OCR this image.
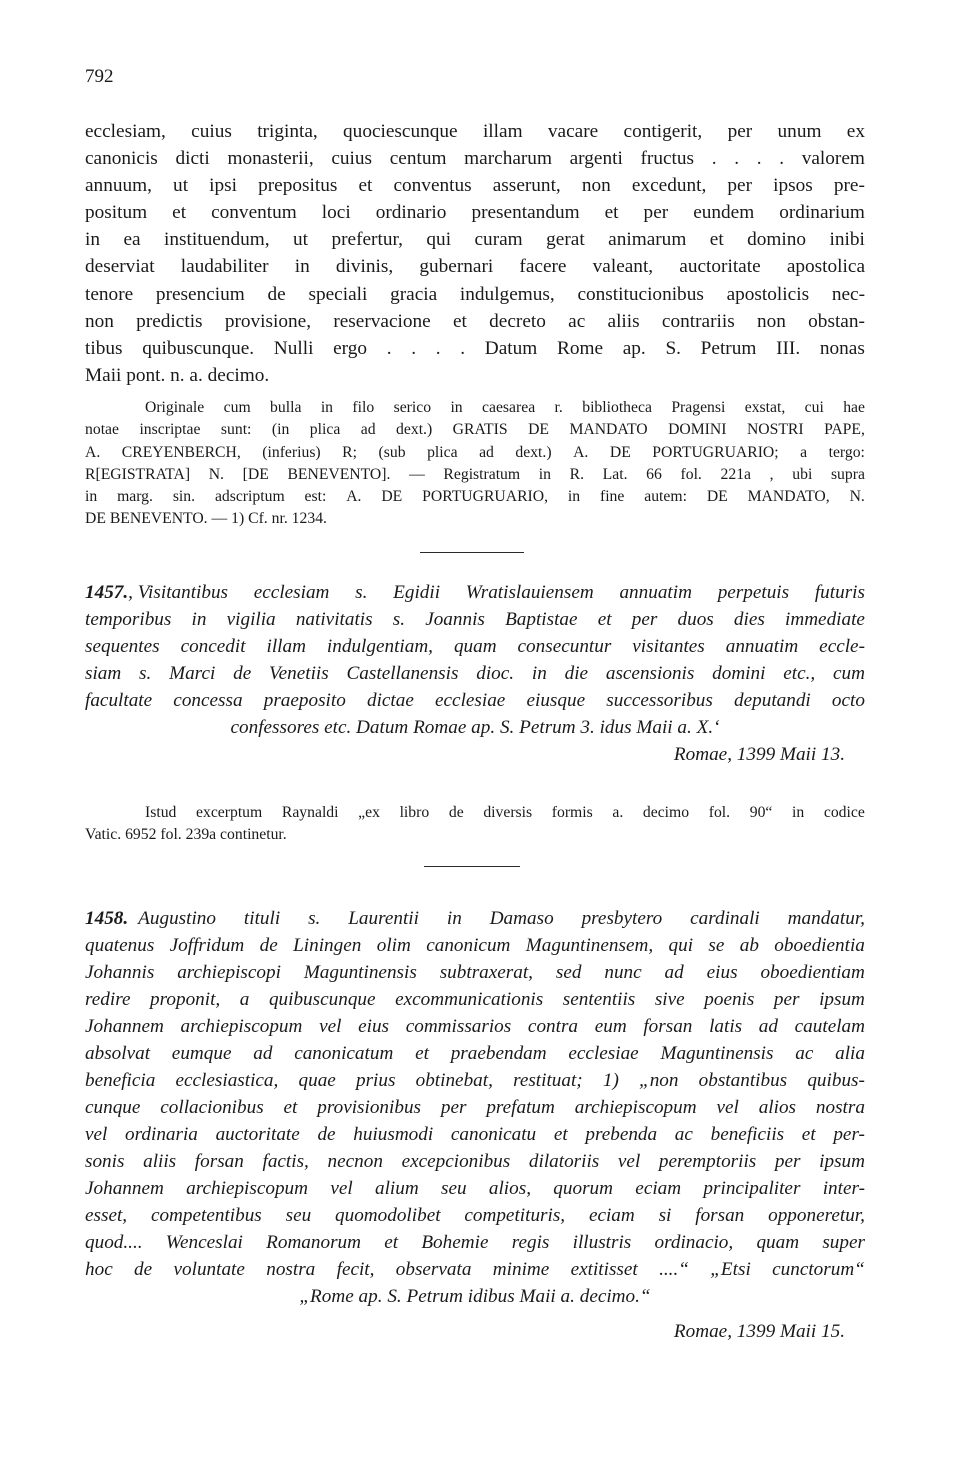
792
ecclesiam, cuius triginta, quociescunque illam vacare contigerit, per unum ex
canonicis dicti monasterii, cuius centum marcharum argenti fructus . . . . valorem
annuum, ut ipsi prepositus et conventus asserunt, non excedunt, per ipsos pre-
positum et conventum loci ordinario presentandum et per eundem ordinarium
in ea instituendum, ut prefertur, qui curam gerat animarum et domino inibi
deserviat laudabiliter in divinis, gubernari facere valeant, auctoritate apostolica
tenore presencium de speciali gracia indulgemus, constitucionibus apostolicis nec-
non predictis provisione, reservacione et decreto ac aliis contrariis non obstan-
tibus quibuscunque. Nulli ergo . . . . Datum Rome ap. S. Petrum III. nonas
Maii pont. n. a. decimo.
Originale cum bulla in filo serico in caesarea r. bibliotheca Pragensi exstat, cui hae
notae inscriptae sunt: (in plica ad dext.) GRATIS DE MANDATO DOMINI NOSTRI PAPE,
A. CREYENBERCH, (inferius) R; (sub plica ad dext.) A. DE PORTUGRUARIO; a tergo:
R[EGISTRATA] N. [DE BENEVENTO]. — Registratum in R. Lat. 66 fol. 221a , ubi supra
in marg. sin. adscriptum est: A. DE PORTUGRUARIO, in fine autem: DE MANDATO, N.
DE BENEVENTO. — 1) Cf. nr. 1234.
1457. , Visitantibus ecclesiam s. Egidii Wratislauiensem annuatim perpetuis futuris
temporibus in vigilia nativitatis s. Joannis Baptistae et per duos dies immediate
sequentes concedit illam indulgentiam, quam consecuntur visitantes annuatim eccle-
siam s. Marci de Venetiis Castellanensis dioc. in die ascensionis domini etc., cum
facultate concessa praeposito dictae ecclesiae eiusque successoribus deputandi octo
confessores etc. Datum Romae ap. S. Petrum 3. idus Maii a. X.‘
Romae, 1399 Maii 13.
Istud excerptum Raynaldi „ex libro de diversis formis a. decimo fol. 90“ in codice
Vatic. 6952 fol. 239a continetur.
1458. Augustino tituli s. Laurentii in Damaso presbytero cardinali mandatur,
quatenus Joffridum de Liningen olim canonicum Maguntinensem, qui se ab oboedientia
Johannis archiepiscopi Maguntinensis subtraxerat, sed nunc ad eius oboedientiam
redire proponit, a quibuscunque excommunicationis sententiis sive poenis per ipsum
Johannem archiepiscopum vel eius commissarios contra eum forsan latis ad cautelam
absolvat eumque ad canonicatum et praebendam ecclesiae Maguntinensis ac alia
beneficia ecclesiastica, quae prius obtinebat, restituat; 1) „non obstantibus quibus-
cunque collacionibus et provisionibus per prefatum archiepiscopum vel alios nostra
vel ordinaria auctoritate de huiusmodi canonicatu et prebenda ac beneficiis et per-
sonis aliis forsan factis, necnon excepcionibus dilatoriis vel peremptoriis per ipsum
Johannem archiepiscopum vel alium seu alios, quorum eciam principaliter inter-
esset, competentibus seu quomodolibet competituris, eciam si forsan opponeretur,
quod.... Wenceslai Romanorum et Bohemie regis illustris ordinacio, quam super
hoc de voluntate nostra fecit, observata minime extitisset ....“ „Etsi cunctorum“
„Rome ap. S. Petrum idibus Maii a. decimo.“
Romae, 1399 Maii 15.
